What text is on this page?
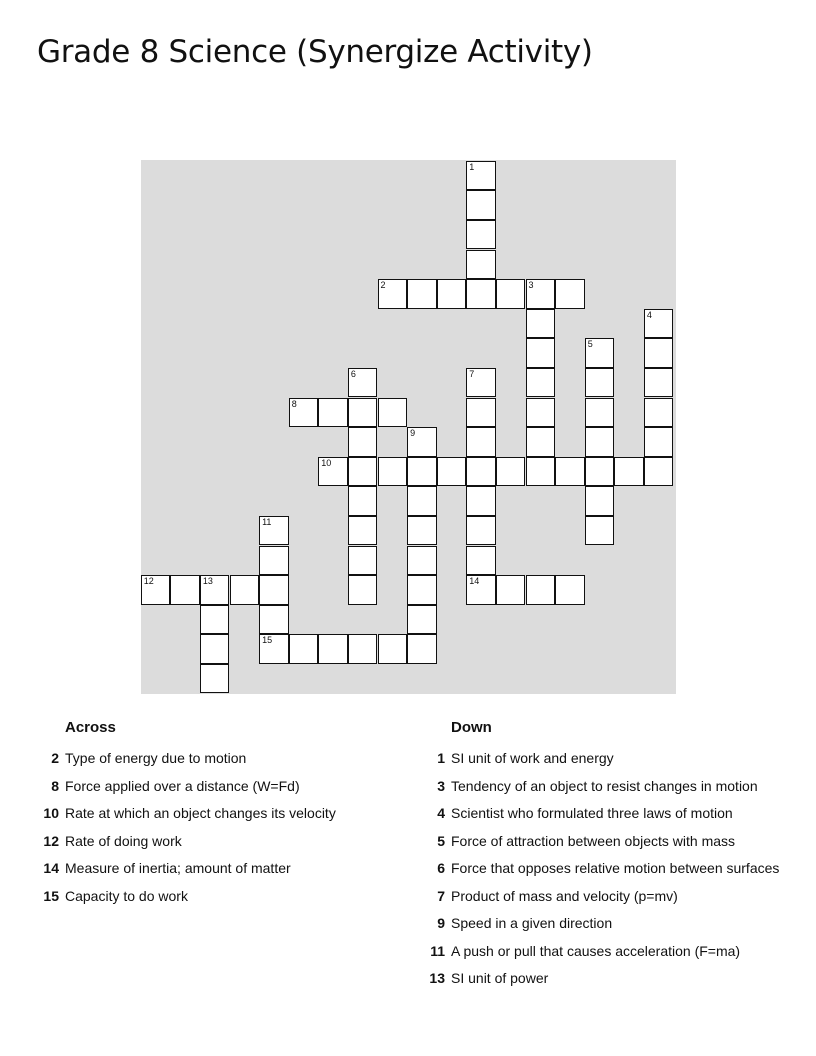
Grade 8 Science (Synergize Activity)
1
2	3
4
5
6	7
8
9
10
11
15
12	13	14
Across
2 Type of energy due to motion
8 Force applied over a distance (W=Fd)
10 Rate at which an object changes its velocity
12 Rate of doing work
14 Measure of inertia; amount of matter
15 Capacity to do work
Down
1 SI unit of work and energy
3 Tendency of an object to resist changes in motion
4 Scientist who formulated three laws of motion
5 Force of attraction between objects with mass
6 Force that opposes relative motion between surfaces
7 Product of mass and velocity (p=mv)
9 Speed in a given direction
11 A push or pull that causes acceleration (F=ma)
13 SI unit of power
